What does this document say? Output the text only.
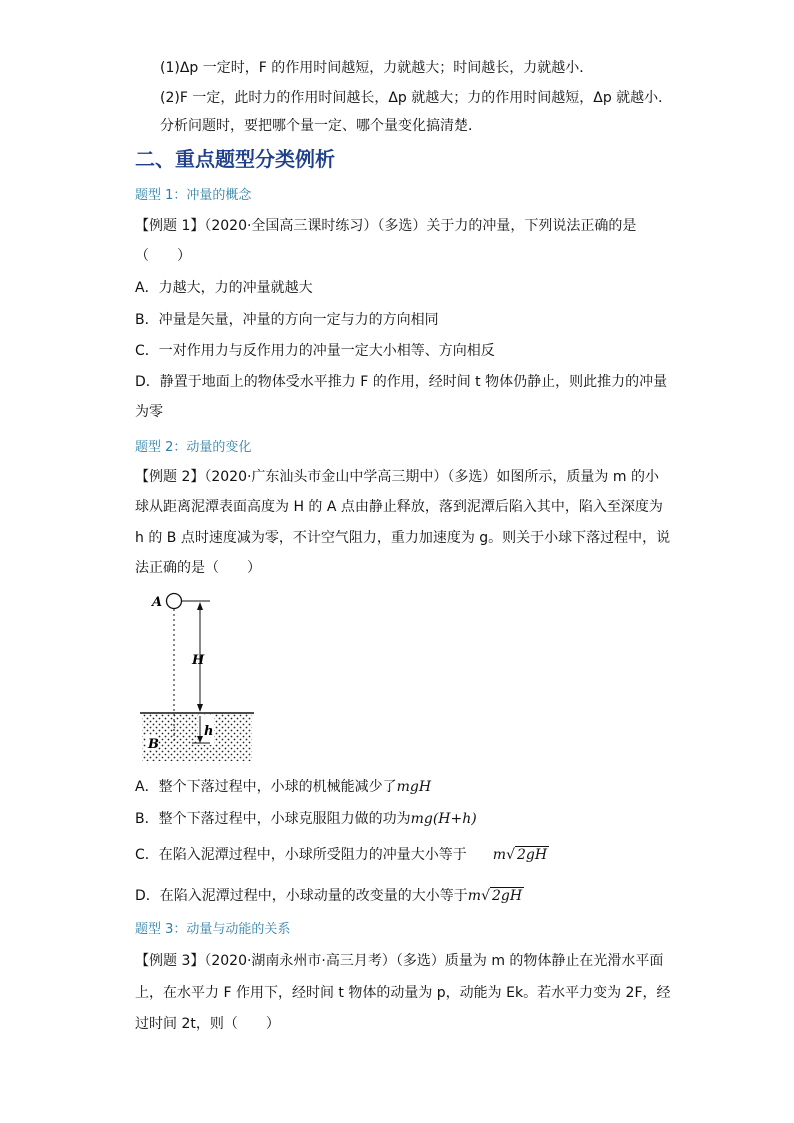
(1)Δp 一定时，F 的作用时间越短，力就越大；时间越长，力就越小．
(2)F 一定，此时力的作用时间越长，Δp 就越大；力的作用时间越短，Δp 就越小．
分析问题时，要把哪个量一定、哪个量变化搞清楚．
二、重点题型分类例析
题型 1：冲量的概念
【例题 1】（2020·全国高三课时练习）（多选）关于力的冲量，下列说法正确的是
（　　）
A．力越大，力的冲量就越大
B．冲量是矢量，冲量的方向一定与力的方向相同
C．一对作用力与反作用力的冲量一定大小相等、方向相反
D．静置于地面上的物体受水平推力 F 的作用，经时间 t 物体仍静止，则此推力的冲量
为零
题型 2：动量的变化
【例题 2】（2020·广东汕头市金山中学高三期中）（多选）如图所示，质量为 m 的小
球从距离泥潭表面高度为 H 的 A 点由静止释放，落到泥潭后陷入其中，陷入至深度为
h 的 B 点时速度减为零，不计空气阻力，重力加速度为 g。则关于小球下落过程中，说
法正确的是（　　）
A
H
h
B
A．整个下落过程中，小球的机械能减少了mgH
B．整个下落过程中，小球克服阻力做的功为mg(H+h)
C．在陷入泥潭过程中，小球所受阻力的冲量大小等于 m√ 2gH
D．在陷入泥潭过程中，小球动量的改变量的大小等于m√ 2gH
题型 3：动量与动能的关系
【例题 3】（2020·湖南永州市·高三月考）（多选）质量为 m 的物体静止在光滑水平面
上，在水平力 F 作用下，经时间 t 物体的动量为 p，动能为 Ek。若水平力变为 2F，经
过时间 2t，则（　　）
